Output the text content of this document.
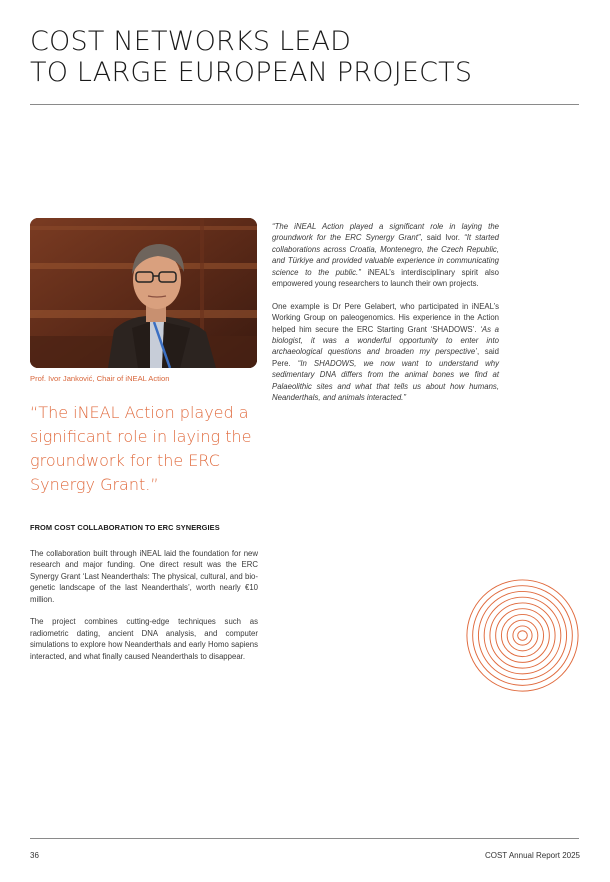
COST NETWORKS LEAD
TO LARGE EUROPEAN PROJECTS
Prof. Ivor Janković, Chair of iNEAL Action

“The iNEAL Action played a significant role in laying the groundwork for the ERC Synergy Grant.”

FROM COST COLLABORATION TO ERC SYNERGIES

The collaboration built through iNEAL laid the foundation for new research and major funding. One direct result was the ERC Synergy Grant ‘Last Neanderthals: The physical, cultural, and bio-genetic landscape of the last Neanderthals’, worth nearly €10 million.

The project combines cutting-edge techniques such as radiometric dating, ancient DNA analysis, and computer simulations to explore how Neanderthals and early Homo sapiens interacted, and what finally caused Neanderthals to disappear.

“The iNEAL Action played a significant role in laying the groundwork for the ERC Synergy Grant”, said Ivor. “It started collaborations across Croatia, Montenegro, the Czech Republic, and Türkiye and provided valuable experience in communicating science to the public.” iNEAL’s interdisciplinary spirit also empowered young researchers to launch their own projects.

One example is Dr Pere Gelabert, who participated in iNEAL’s Working Group on paleogenomics. His experience in the Action helped him secure the ERC Starting Grant ‘SHADOWS’. ‘As a biologist, it was a wonderful opportunity to enter into archaeological questions and broaden my perspective’, said Pere. “In SHADOWS, we now want to understand why sedimentary DNA differs from the animal bones we find at Palaeolithic sites and what that tells us about how humans, Neanderthals, and animals interacted.”

36	COST Annual Report 2025
